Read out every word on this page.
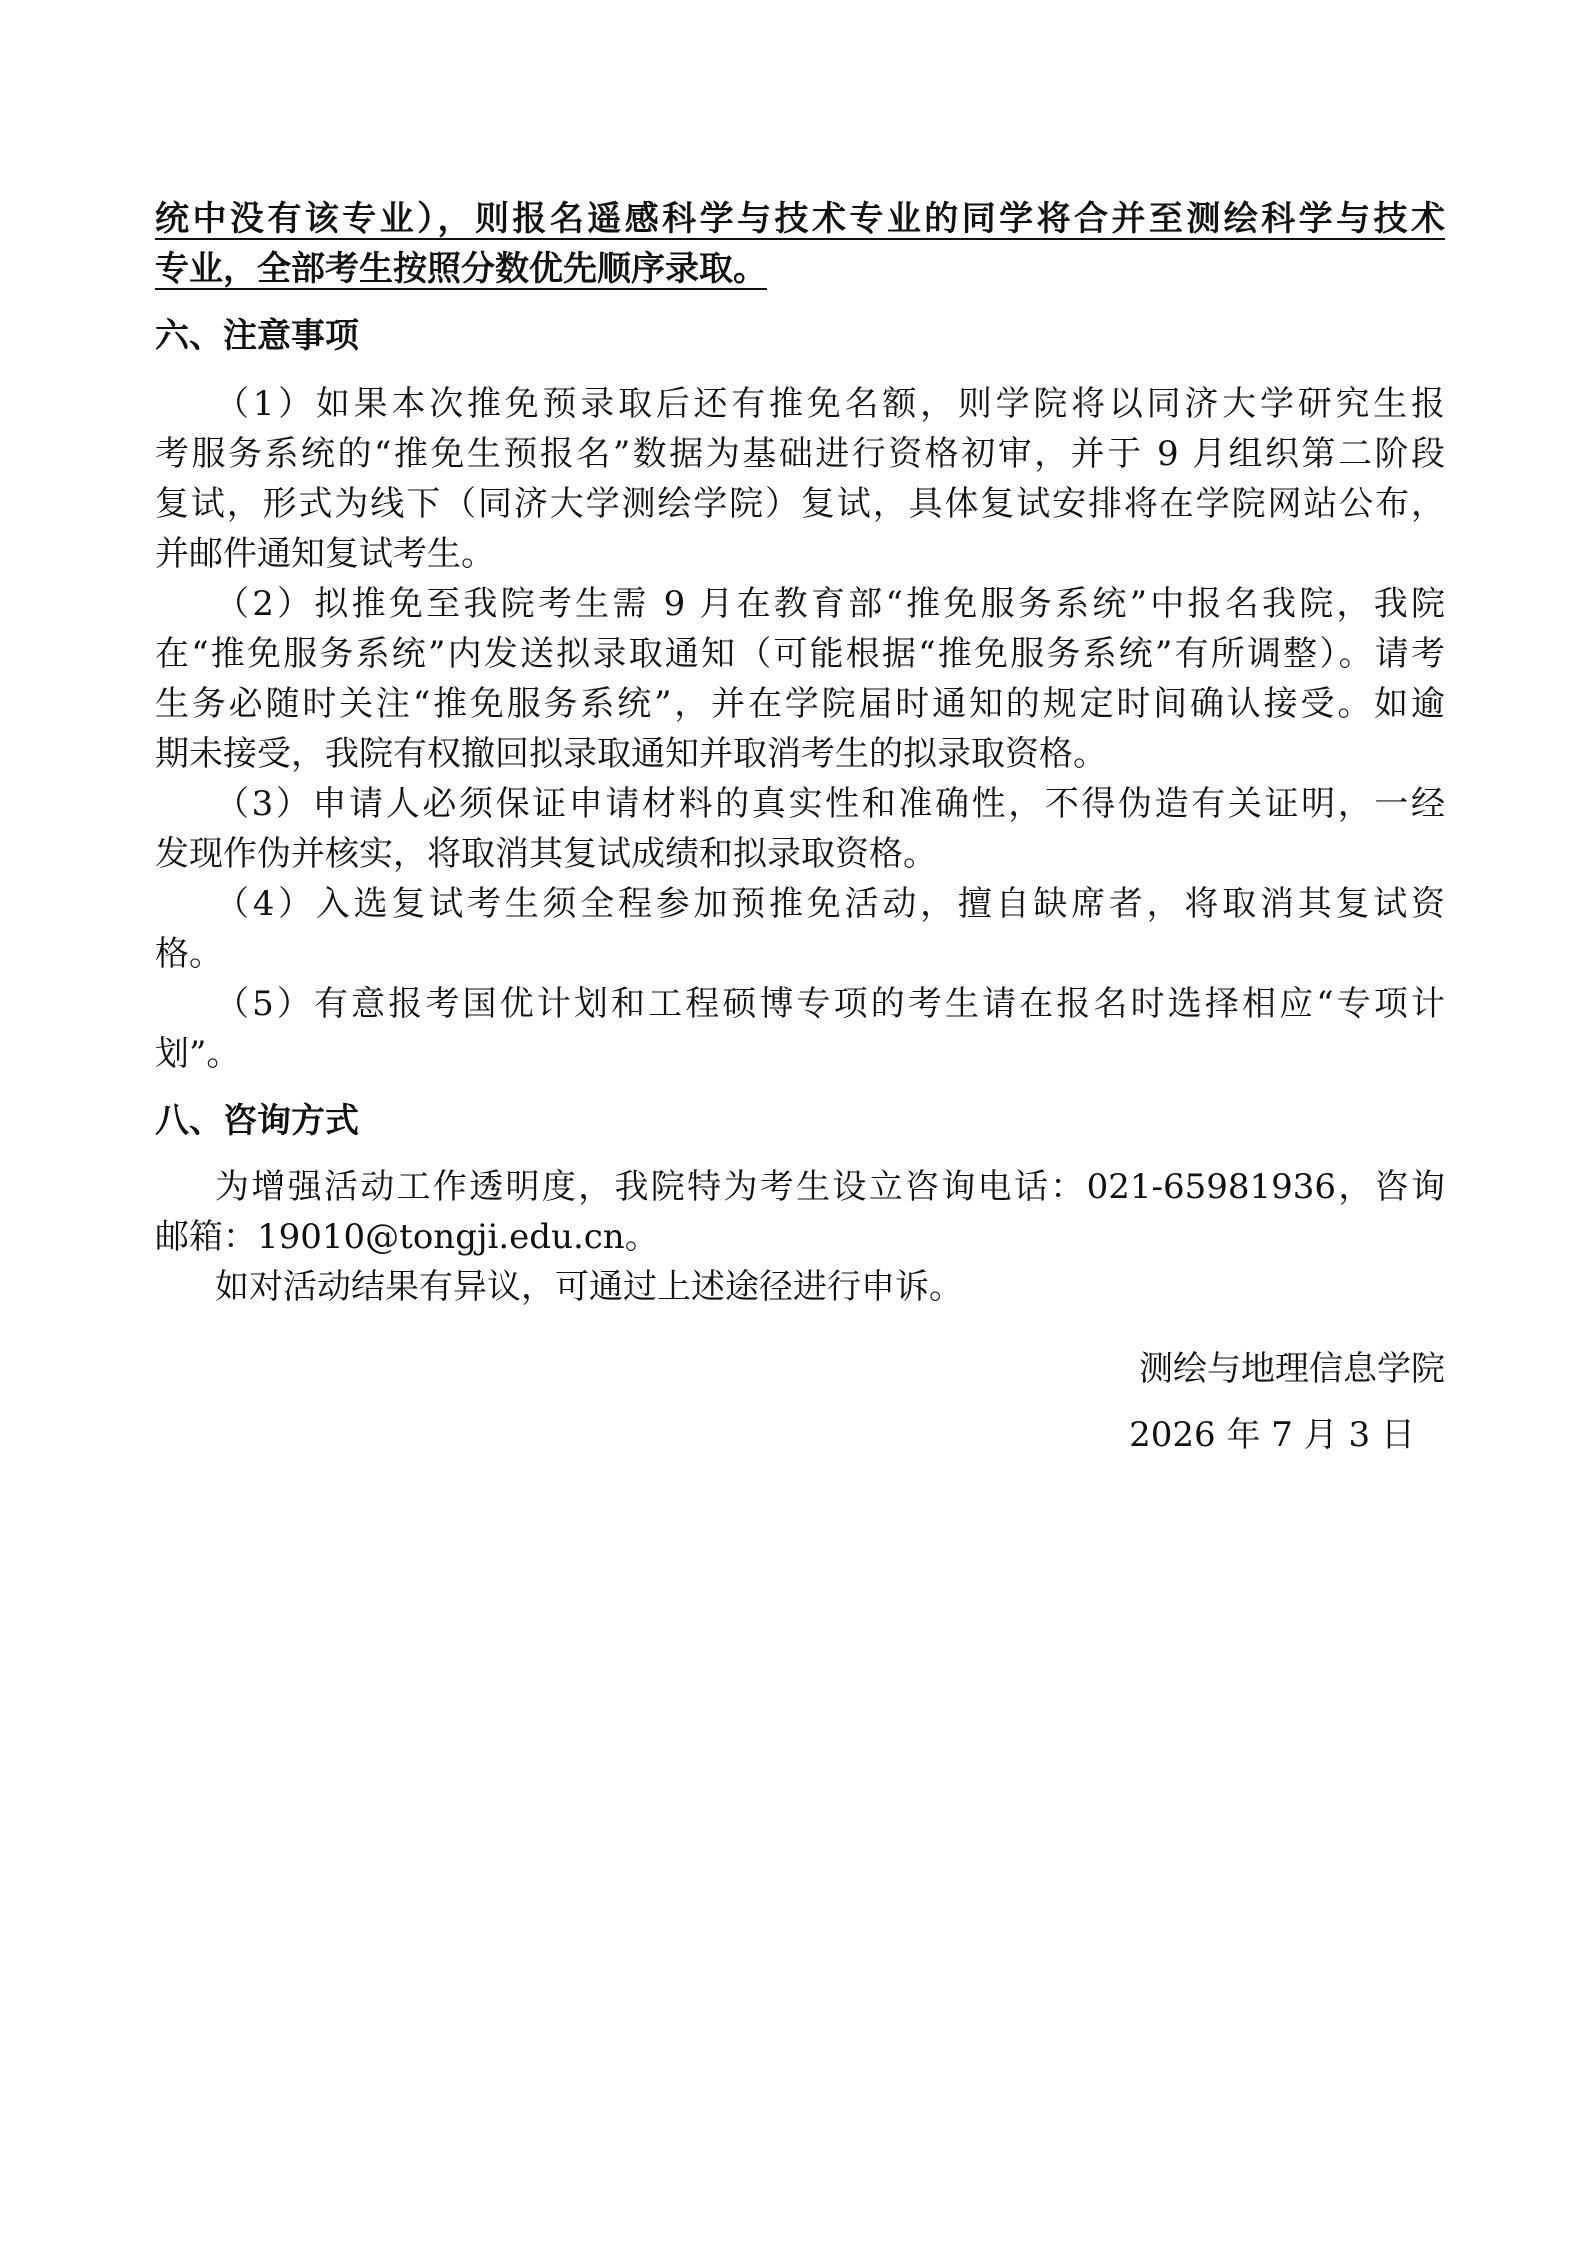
统中没有该专业），则报名遥感科学与技术专业的同学将合并至测绘科学与技术
专业，全部考生按照分数优先顺序录取。
六、注意事项
（1）如果本次推免预录取后还有推免名额，则学院将以同济大学研究生报
考服务系统的“推免生预报名”数据为基础进行资格初审，并于 9 月组织第二阶段
复试，形式为线下（同济大学测绘学院）复试，具体复试安排将在学院网站公布，
并邮件通知复试考生。
（2）拟推免至我院考生需 9 月在教育部“推免服务系统”中报名我院，我院
在“推免服务系统”内发送拟录取通知（可能根据“推免服务系统”有所调整）。请考
生务必随时关注“推免服务系统”，并在学院届时通知的规定时间确认接受。如逾
期未接受，我院有权撤回拟录取通知并取消考生的拟录取资格。
（3）申请人必须保证申请材料的真实性和准确性，不得伪造有关证明，一经
发现作伪并核实，将取消其复试成绩和拟录取资格。
（4）入选复试考生须全程参加预推免活动，擅自缺席者，将取消其复试资
格。
（5）有意报考国优计划和工程硕博专项的考生请在报名时选择相应“专项计
划”。
八、咨询方式
为增强活动工作透明度，我院特为考生设立咨询电话：021-65981936，咨询
邮箱：19010@tongji.edu.cn。
如对活动结果有异议，可通过上述途径进行申诉。
测绘与地理信息学院
2026 年 7 月 3 日
